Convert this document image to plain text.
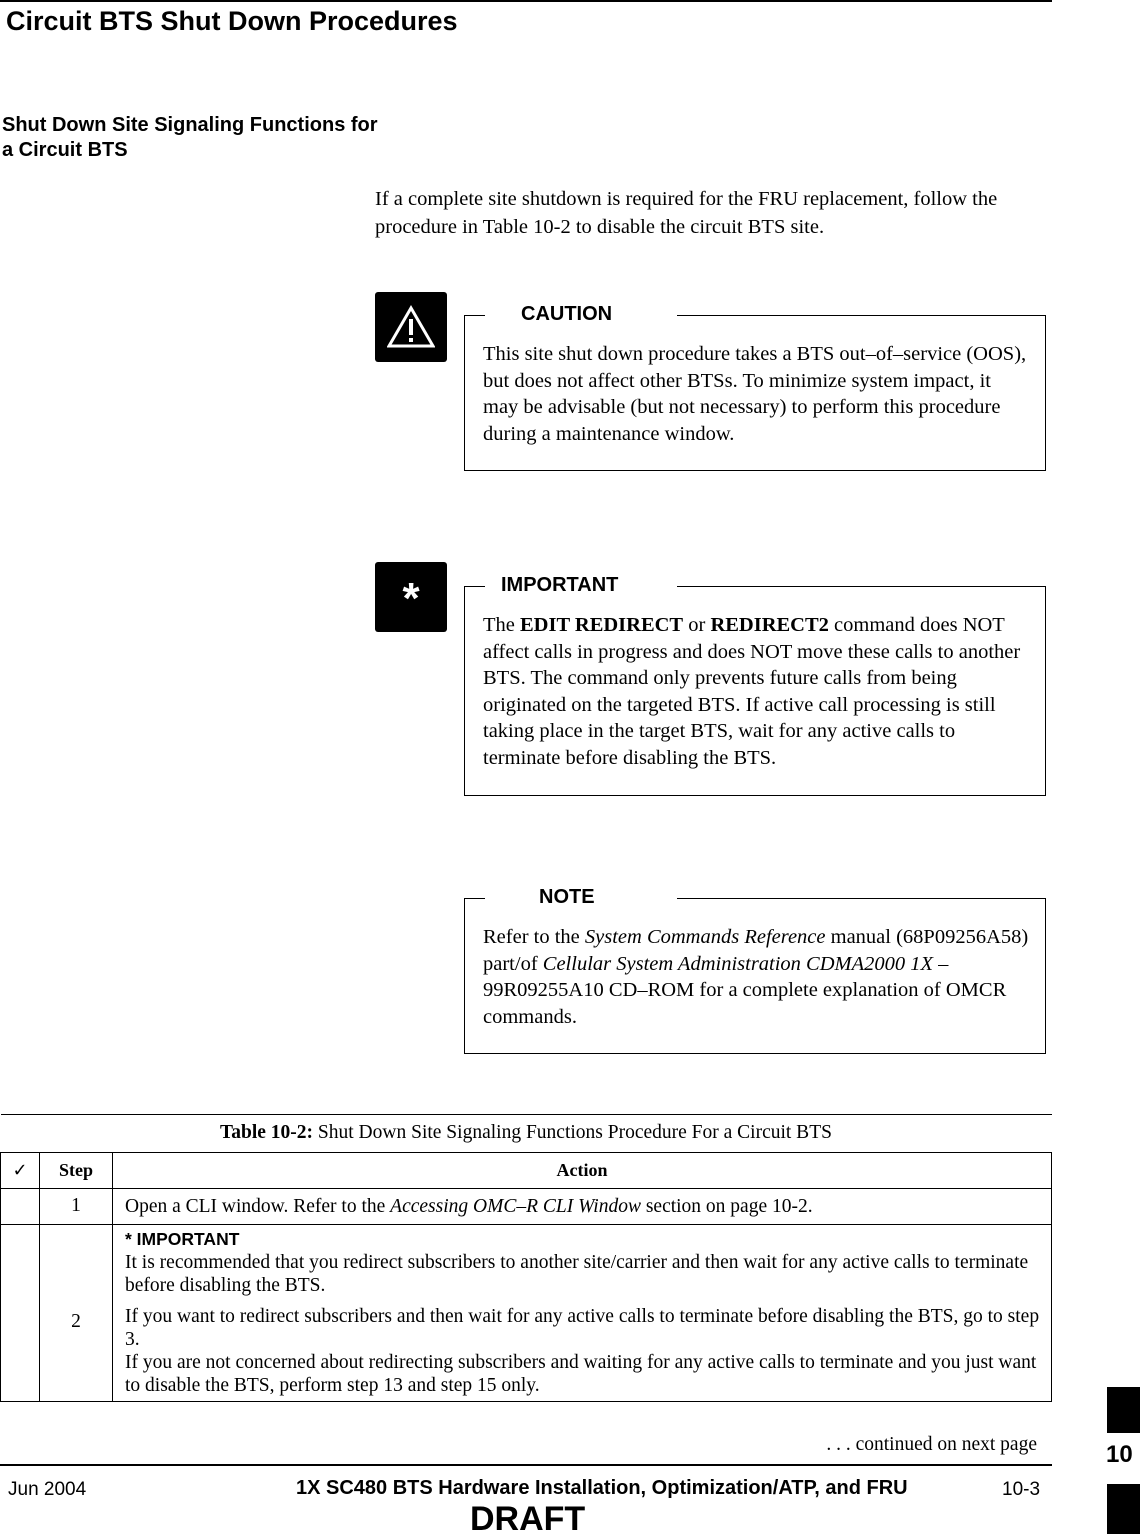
Circuit BTS Shut Down Procedures
Shut Down Site Signaling Functions for
a Circuit BTS
If a complete site shutdown is required for the FRU replacement, follow the procedure in Table 10-2 to disable the circuit BTS site.
CAUTION
This site shut down procedure takes a BTS out–of–service (OOS), but does not affect other BTSs. To minimize system impact, it may be advisable (but not necessary) to perform this procedure during a maintenance window.
*	IMPORTANT
The EDIT REDIRECT or REDIRECT2 command does NOT affect calls in progress and does NOT move these calls to another BTS. The command only prevents future calls from being originated on the targeted BTS. If active call processing is still taking place in the target BTS, wait for any active calls to terminate before disabling the BTS.
NOTE
Refer to the System Commands Reference manual (68P09256A58) part/of Cellular System Administration CDMA2000 1X – 99R09255A10 CD–ROM for a complete explanation of OMCR commands.
Table 10-2: Shut Down Site Signaling Functions Procedure For a Circuit BTS		
✓	Step	Action
	1	Open a CLI window. Refer to the Accessing OMC–R CLI Window section on page 10-2.
	2	* IMPORTANT
It is recommended that you redirect subscribers to another site/carrier and then wait for any active calls to terminate before disabling the BTS.
If you want to redirect subscribers and then wait for any active calls to terminate before disabling the BTS, go to step 3.
If you are not concerned about redirecting subscribers and waiting for any active calls to terminate and you just want to disable the BTS, perform step 13 and step 15 only.
. . . continued on next page
Jun 2004	1X SC480 BTS Hardware Installation, Optimization/ATP, and FRU	10-3
DRAFT
10
